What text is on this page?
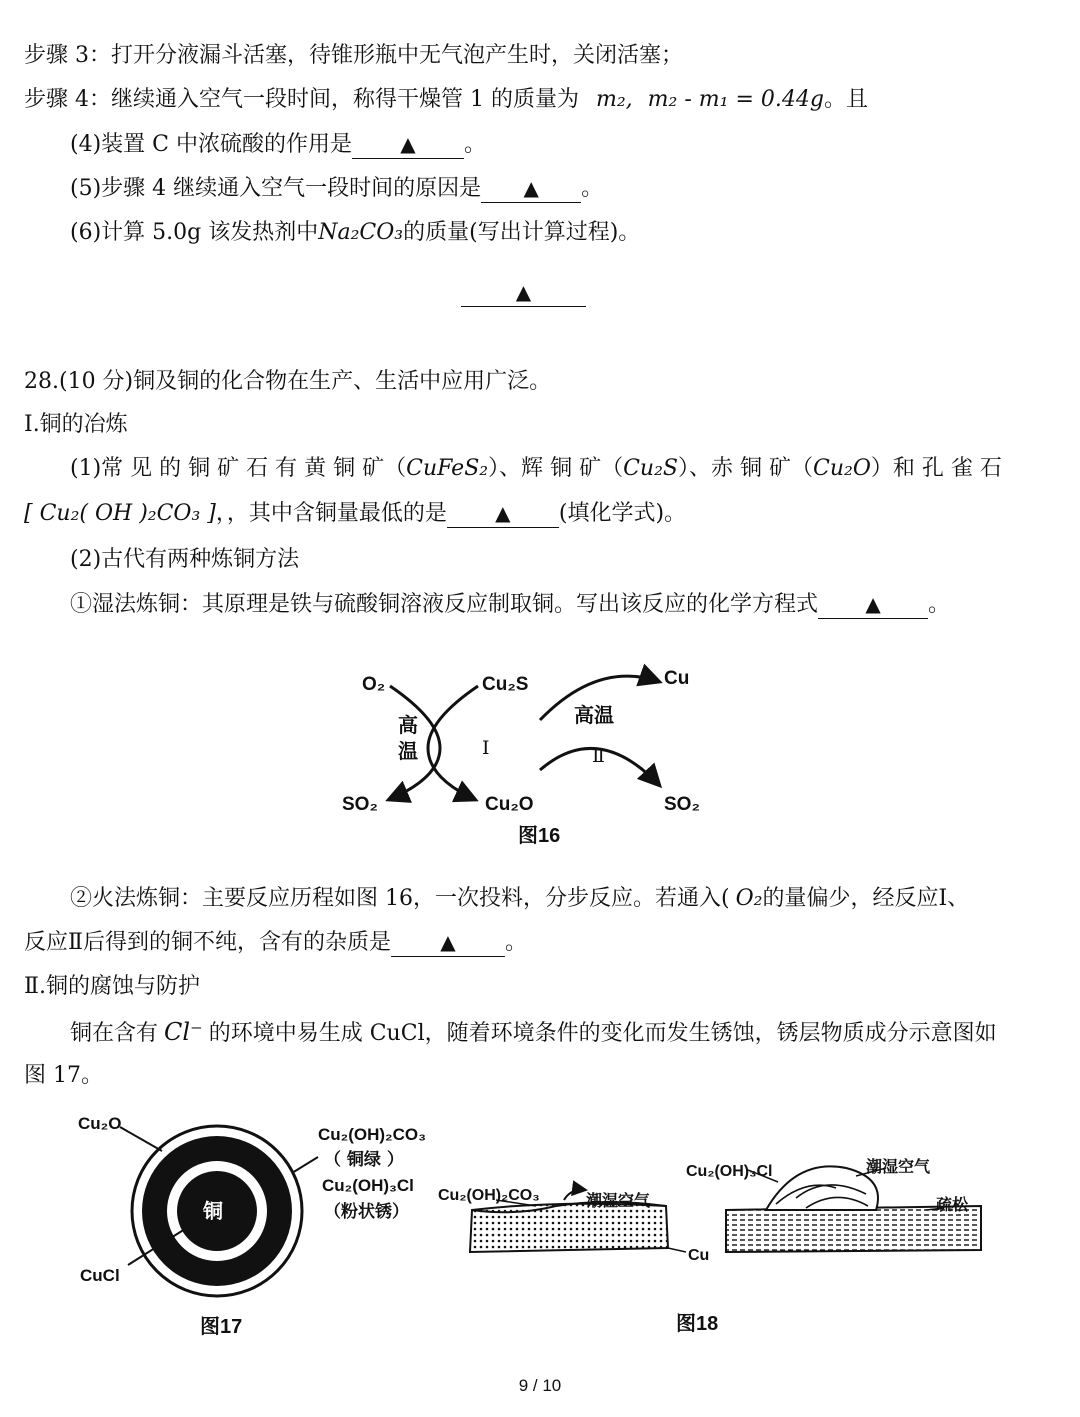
步骤 3：打开分液漏斗活塞，待锥形瓶中无气泡产生时，关闭活塞；
步骤 4：继续通入空气一段时间，称得干燥管 1 的质量为 m₂, m₂ - m₁ = 0.44g。且
(4)装置 C 中浓硫酸的作用是 ▲ 。
(5)步骤 4 继续通入空气一段时间的原因是 ▲ 。
(6)计算 5.0g 该发热剂中Na₂CO₃的质量(写出计算过程)。
▲
28.(10 分)铜及铜的化合物在生产、生活中应用广泛。
Ⅰ.铜的冶炼
(1)常 见 的 铜 矿 石 有 黄 铜 矿（CuFeS₂）、辉 铜 矿（Cu₂S）、赤 铜 矿（Cu₂O）和 孔 雀 石
[ Cu₂( OH )₂CO₃ ]，，其中含铜量最低的是 ▲ (填化学式)。
(2)古代有两种炼铜方法
①湿法炼铜：其原理是铁与硫酸铜溶液反应制取铜。写出该反应的化学方程式 ▲ 。
O₂	Cu₂S
SO₂	Cu₂O
Cu
SO₂
Ⅰ	Ⅱ
高
温
高温
图16
②火法炼铜：主要反应历程如图 16，一次投料，分步反应。若通入( O₂的量偏少，经反应Ⅰ、
反应Ⅱ后得到的铜不纯，含有的杂质是 ▲ 。
Ⅱ.铜的腐蚀与防护
铜在含有 Cl⁻ 的环境中易生成 CuCl，随着环境条件的变化而发生锈蚀，锈层物质成分示意图如
图 17。
铜
Cu₂O
CuCl
Cu₂(OH)₂CO₃
（ 铜绿 ）
Cu₂(OH)₃Cl
（粉状锈）
图17
Cu₂(OH)₂CO₃	潮湿空气
Cu
Cu₂(OH)₃Cl	潮湿空气
疏松
图18
9 / 10
